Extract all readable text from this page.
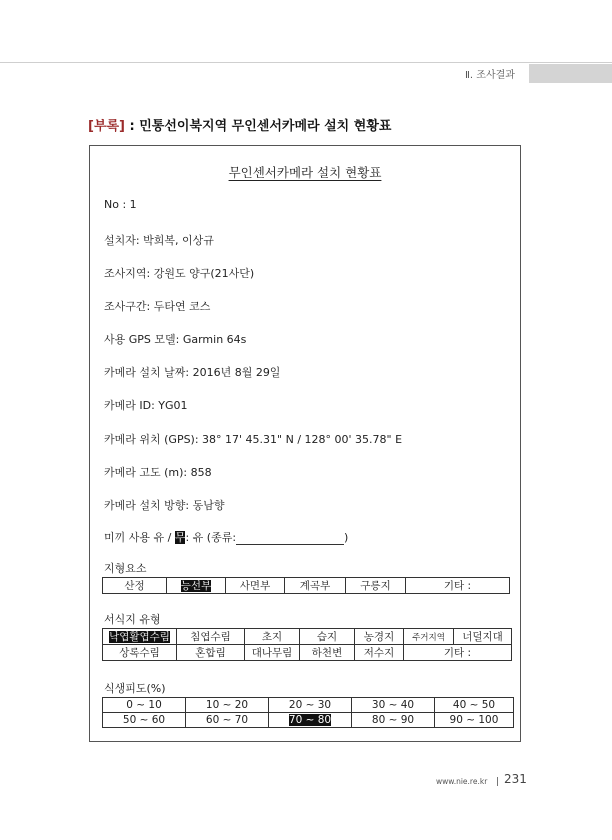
Ⅱ. 조사결과
[부록] : 민통선이북지역 무인센서카메라 설치 현황표
무인센서카메라 설치 현황표
No : 1
설치자: 박희복, 이상규
조사지역: 강원도 양구(21사단)
조사구간: 두타연 코스
사용 GPS 모델: Garmin 64s
카메라 설치 날짜: 2016년 8월 29일
카메라 ID: YG01
카메라 위치 (GPS): 38° 17' 45.31" N / 128° 00' 35.78" E
카메라 고도 (m): 858
카메라 설치 방향: 동남향
미끼 사용 유 / 무: 유 (종류:	)
지형요소
산정	능선부	사면부	계곡부	구릉지	기타 :
서식지 유형
낙엽활엽수림	침엽수림	초지	습지	농경지	주거지역	너덜지대
상록수림	혼합림	대나무림	하천변	저수지	기타 :	
식생피도(%)
0 ~ 10	10 ~ 20	20 ~ 30	30 ~ 40	40 ~ 50
50 ~ 60	60 ~ 70	70 ~ 80	80 ~ 90	90 ~ 100
www.nie.re.kr 231
